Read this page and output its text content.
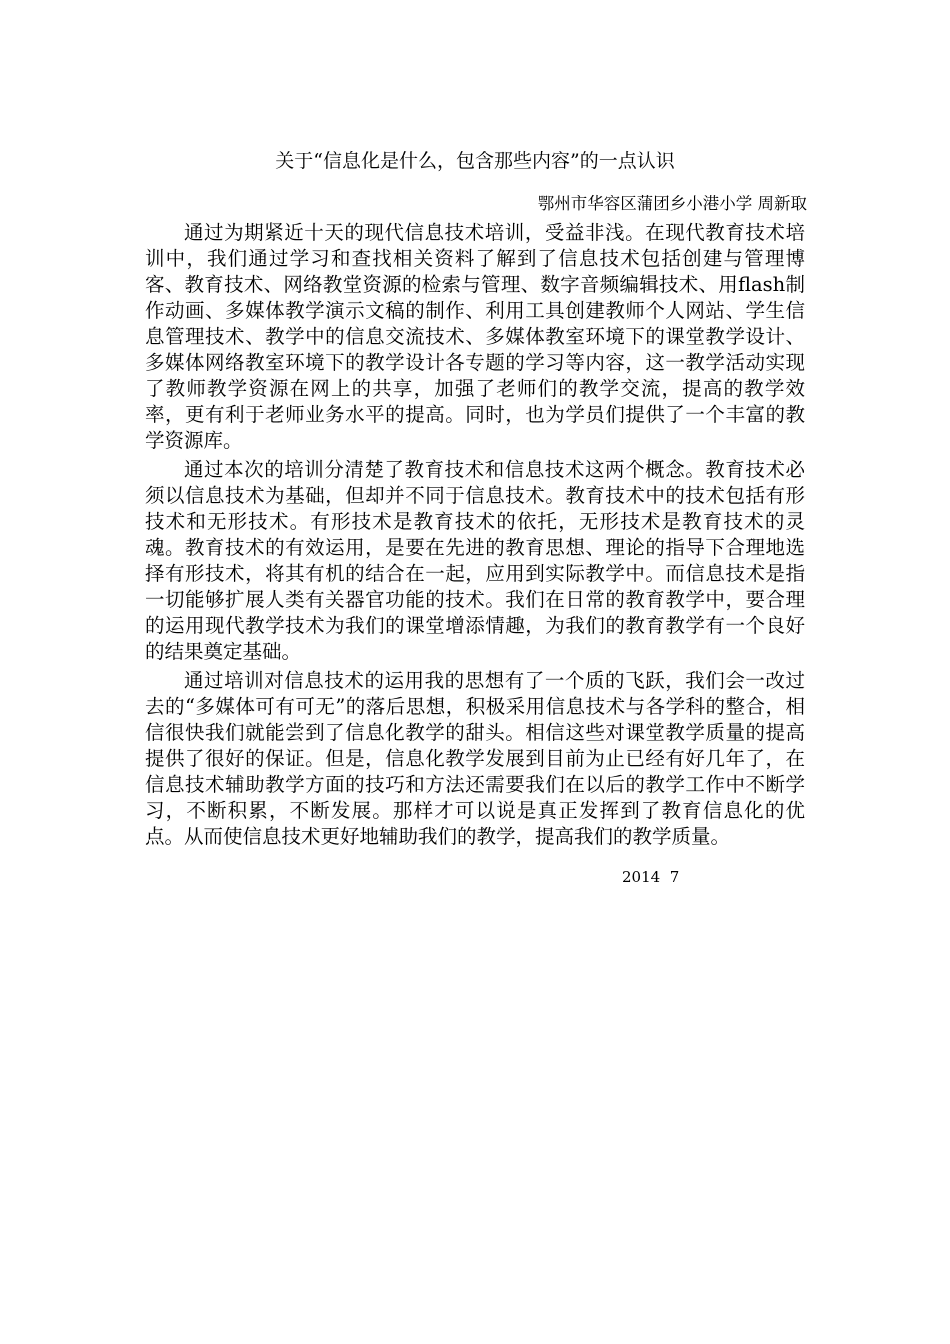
关于“信息化是什么，包含那些内容”的一点认识
鄂州市华容区蒲团乡小港小学 周新取

通过为期紧近十天的现代信息技术培训，受益非浅。在现代教育技术培训中，我们通过学习和查找相关资料了解到了信息技术包括创建与管理博客、教育技术、网络教堂资源的检索与管理、数字音频编辑技术、用flash制作动画、多媒体教学演示文稿的制作、利用工具创建教师个人网站、学生信息管理技术、教学中的信息交流技术、多媒体教室环境下的课堂教学设计、多媒体网络教室环境下的教学设计各专题的学习等内容，这一教学活动实现了教师教学资源在网上的共享，加强了老师们的教学交流，提高的教学效率，更有利于老师业务水平的提高。同时，也为学员们提供了一个丰富的教学资源库。

通过本次的培训分清楚了教育技术和信息技术这两个概念。教育技术必须以信息技术为基础，但却并不同于信息技术。教育技术中的技术包括有形技术和无形技术。有形技术是教育技术的依托，无形技术是教育技术的灵魂。教育技术的有效运用，是要在先进的教育思想、理论的指导下合理地选择有形技术，将其有机的结合在一起，应用到实际教学中。而信息技术是指一切能够扩展人类有关器官功能的技术。我们在日常的教育教学中，要合理的运用现代教学技术为我们的课堂增添情趣，为我们的教育教学有一个良好的结果奠定基础。

通过培训对信息技术的运用我的思想有了一个质的飞跃，我们会一改过去的“多媒体可有可无”的落后思想，积极采用信息技术与各学科的整合，相信很快我们就能尝到了信息化教学的甜头。相信这些对课堂教学质量的提高提供了很好的保证。但是，信息化教学发展到目前为止已经有好几年了，在信息技术辅助教学方面的技巧和方法还需要我们在以后的教学工作中不断学习，不断积累，不断发展。那样才可以说是真正发挥到了教育信息化的优点。从而使信息技术更好地辅助我们的教学，提高我们的教学质量。

2014  7
